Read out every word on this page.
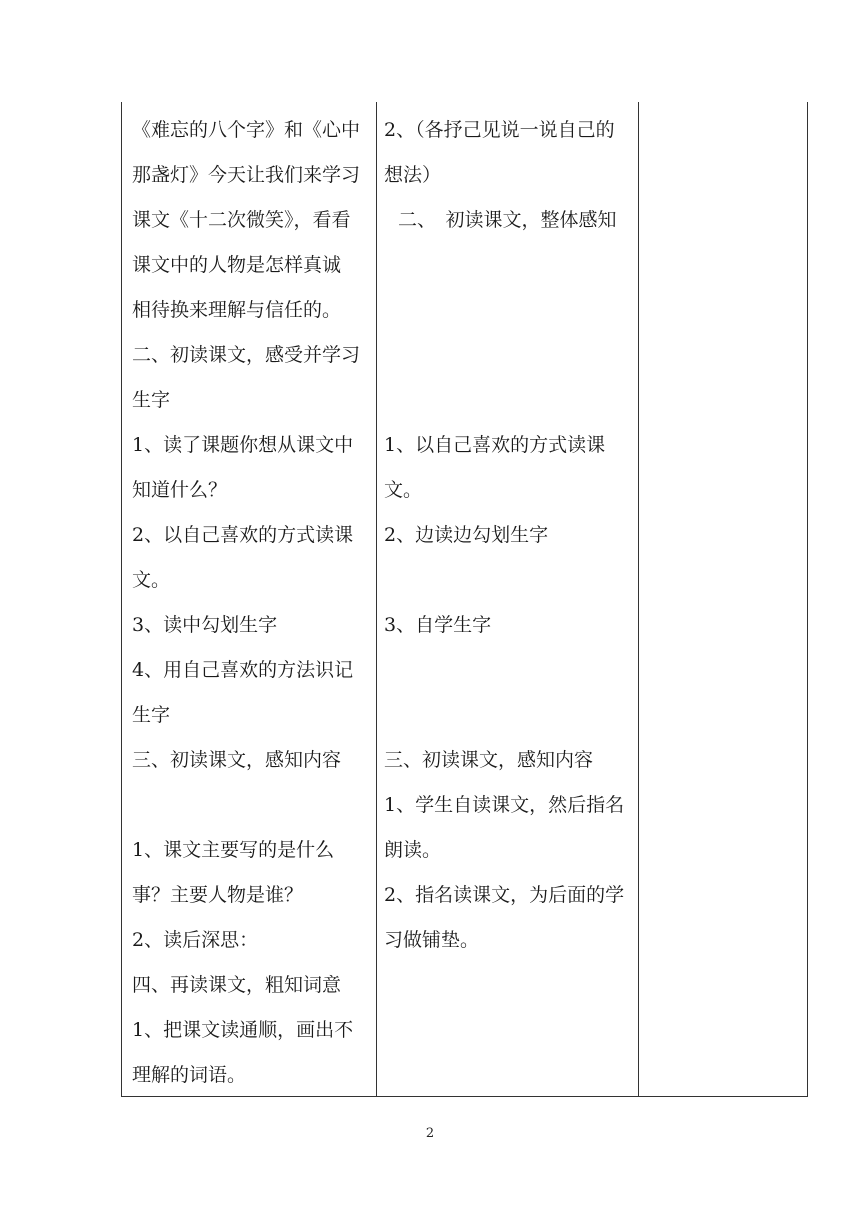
《难忘的八个字》和《心中
那盏灯》今天让我们来学习
课文《十二次微笑》，看看
课文中的人物是怎样真诚
相待换来理解与信任的。
二、初读课文，感受并学习
生字
1、读了课题你想从课文中
知道什么？
2、以自己喜欢的方式读课
文。
3、读中勾划生字
4、用自己喜欢的方法识记
生字
三、初读课文，感知内容
1、课文主要写的是什么
事？主要人物是谁？
2、读后深思：
四、再读课文，粗知词意
1、把课文读通顺，画出不
理解的词语。
2、（各抒己见说一说自己的
想法）
二、　初读课文，整体感知
1、以自己喜欢的方式读课
文。
2、边读边勾划生字
3、自学生字
三、初读课文，感知内容
1、学生自读课文，然后指名
朗读。
2、指名读课文，为后面的学
习做铺垫。
2
